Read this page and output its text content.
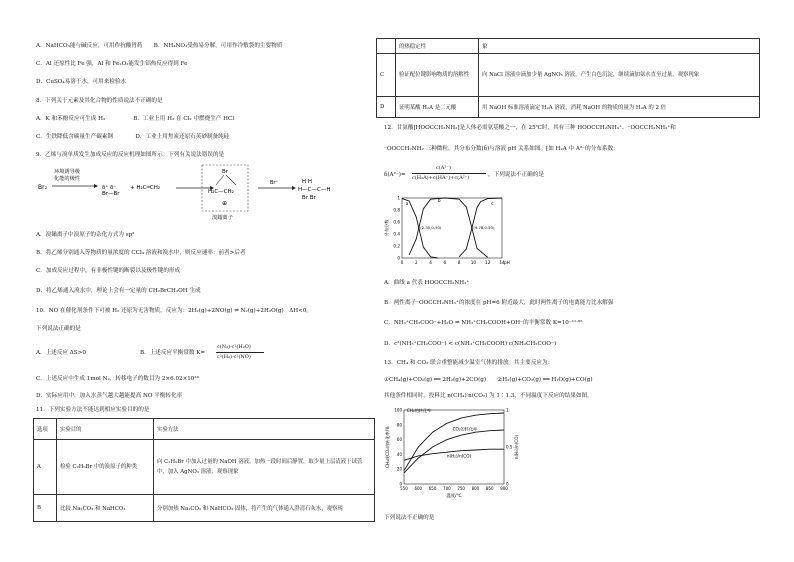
A．NaHCO₃能与碱反应，可用作抗酸胃药　　B．NH₄NO₃受热易分解，可用作冷敷袋的主要物质
C．Al 还原性比 Fe 强，Al 和 Fe₂O₃能发生铝热反应得到 Fe
D．CuSO₄易溶于水，可用来检验水
8．下列关于元素及其化合物的性质说法不正确的是
A．K 和苯酚反应可生成 H₂　　　　　B．工业上用 H₂ 在 Cl₂ 中燃烧生产 HCl
C．生铁降低含碳量生产碳素钢　　　　D．工业上用焦炭还原石英砂制备纯硅
9．乙烯与溴单质发生加成反应的反应机理如图所示。下列有关说法错误的是
Br₂
环境诱导极
化能的极性
δ⁺ δ⁻
Br—Br
+ H₂C═CH₂
Br
H₂C—CH₂
⊕
溴鎓离子
Br⁻	H H
H—C—C—H
Br Br
A．溴鎓离子中溴原子的杂化方式为 sp³
B．将乙烯分别通入等物质的量浓度的 CCl₄ 溶液和溴水中，则反应速率：前者>后者
C．加成反应过程中，有非极性键的断裂以及极性键的形成
D．将乙烯通入溴水中，理论上会有一定量的 CH₂BrCH₂OH 生成
10．NO 在催化剂条件下可被 H₂ 还原为无害物质，反应为：2H₂(g)+2NO(g) ⇌ N₂(g)+2H₂O(g)　ΔH<0。
下列说法正确的是
A．上述反应 ΔS>0	B．上述反应平衡常数 K=
c(N₂)·c²(H₂O)
c²(H₂)·c²(NO)
C．上述反应中生成 1mol N₂，转移电子的数目为 2×6.02×10²³
D．实际应用中，加入水蒸气越大越能提高 NO 平衡转化率
11．下列实验方法不能达到相应实验目的的是
选项	实验目的	实验方法
A	检验 C₂H₅Br 中的溴原子的种类	向 C₂H₅Br 中加入过量的 NaOH 溶液，加热一段时间后静置，取少量上层清液于试管中，加入 AgNO₃ 溶液，观察现象
B	比较 Na₂CO₃ 和 NaHCO₃	分别加热 Na₂CO₃ 和 NaHCO₃ 固体，将产生的气体通入澄清石灰水，观察现
	的热稳定性	象
C	验证配位键影响物质的溶解性	向 NaCl 溶液中滴加少量 AgNO₃ 溶液，产生白色沉淀，继续滴加氨水直至过量，观察现象
D	证明某酸 H₂A 是二元酸	用 NaOH 标准溶液滴定 H₂A 溶液，消耗 NaOH 的物质的量为 H₂A 的 2 倍
12．甘氨酸[HOOCCH₂NH₂]是人体必需氨基酸之一，在 25℃时，其有三种 HOOCCH₂NH₃⁺、⁻OOCCH₂NH₃⁺和
⁻OOCCH₂NH₂ 三种微粒，其分布分数(δ)与溶液 pH 关系如图。[如 H₂A 中 A²⁻的分布系数：
δ(A²⁻)=
c(A²⁻)
c(H₂A)+c(HA⁻)+c(A²⁻)	，下列说法不正确的是
0	2	4	6	8 10 12 14
0
0.2
0.4
0.6
0.8
1
pH
分布分数
a
b
c
(2.35,0.50)	(9.78,0.50)
A．曲线 a 代表 HOOCCH₂NH₃⁺
B．两性离子⁻OOCCH₂NH₃⁺的浓度在 pH=6 附近最大，此时两性离子的电离能力比水解强
C．NH₃⁺CH₂COO⁻+H₂O ⇌ NH₃⁺CH₂COOH+OH⁻的平衡常数 K=10⁻¹¹·⁶⁵
D．c²(NH₃⁺CH₂COO⁻) < c(NH₃⁺CH₂COOH)·c(NH₂CH₂COO⁻)
13．CH₄ 和 CO₂ 联合重整能减少温室气体的排放。其主要反应为：
①CH₄(g)+CO₂(g) ══ 2H₂(g)+2CO(g)　　②H₂(g)+CO₂(g) ══ H₂O(g)+CO(g)
其他条件相同时，投料比 n(CH₄)∶n(CO₂) 为 1∶1.3，不同温度下反应的结果如图。
550 600 650 700 750 800 850 900
0
20
40
60
80
100
0
0.5
1
温度/℃
CH₄或CO₂的转化率/%	n(H₂)/n(CO)
CH₄的转化率
CO₂的转化率
n(H₂)/n(CO)
下列说法不正确的是
